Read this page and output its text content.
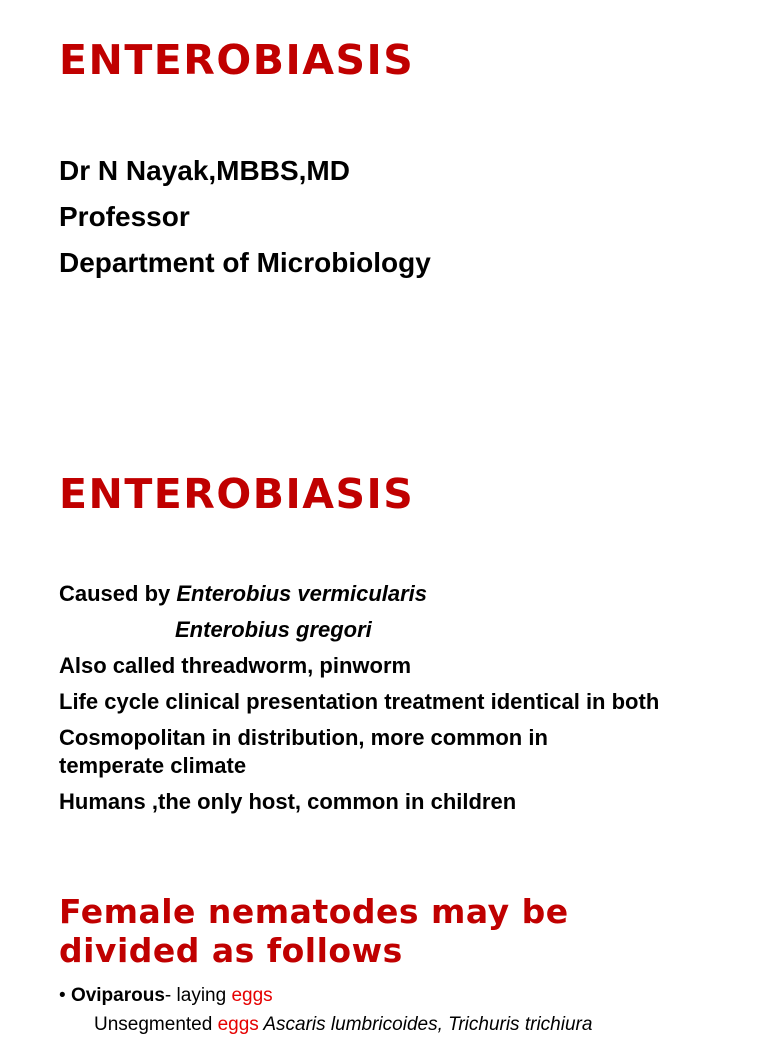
ENTEROBIASIS
Dr N Nayak,MBBS,MD
Professor
Department of Microbiology
ENTEROBIASIS
Caused by Enterobius vermicularis
Enterobius gregori
Also called threadworm, pinworm
Life cycle clinical presentation treatment identical in both
Cosmopolitan in distribution, more common in temperate climate
Humans ,the only host, common in children
Female nematodes may be divided as follows
• Oviparous- laying eggs
Unsegmented eggs Ascaris lumbricoides, Trichuris trichiura
